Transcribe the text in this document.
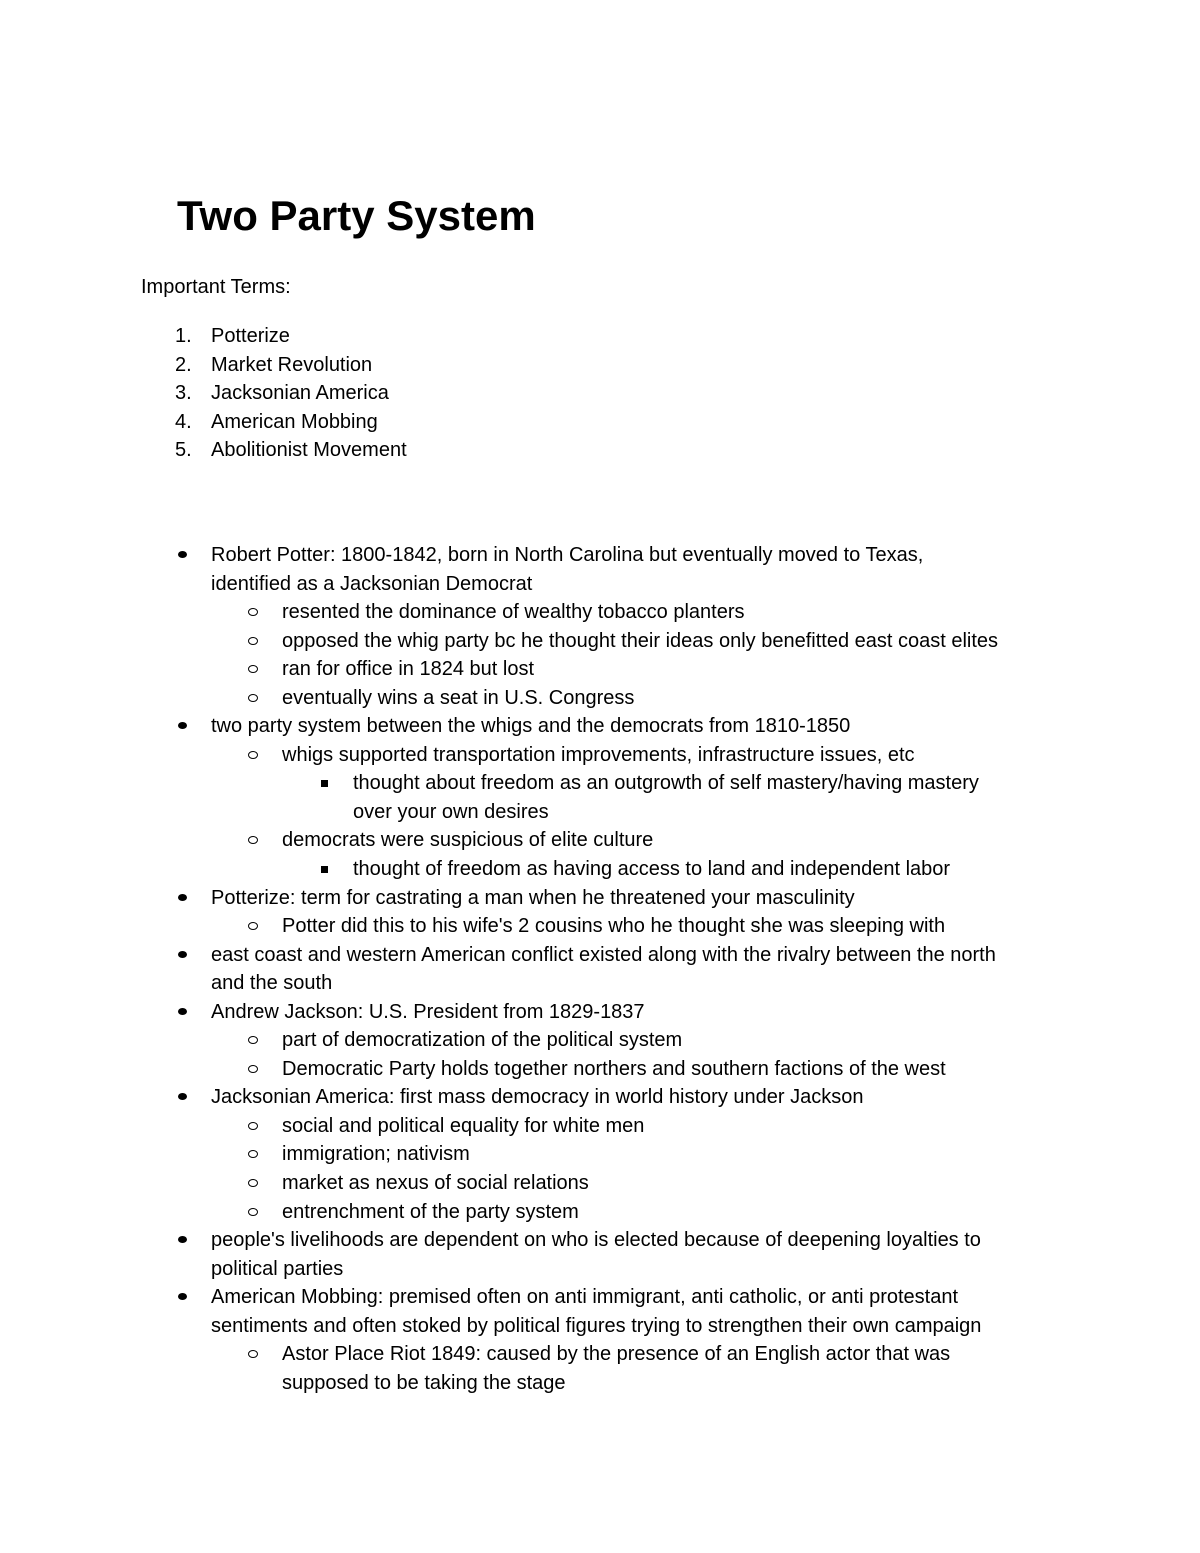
Two Party System

Important Terms:

1. Potterize
2. Market Revolution
3. Jacksonian America
4. American Mobbing
5. Abolitionist Movement
Robert Potter: 1800-1842, born in North Carolina but eventually moved to Texas,
identified as a Jacksonian Democrat
resented the dominance of wealthy tobacco planters
opposed the whig party bc he thought their ideas only benefitted east coast elites
ran for office in 1824 but lost
eventually wins a seat in U.S. Congress
two party system between the whigs and the democrats from 1810-1850
whigs supported transportation improvements, infrastructure issues, etc
thought about freedom as an outgrowth of self mastery/having mastery
over your own desires
democrats were suspicious of elite culture
thought of freedom as having access to land and independent labor
Potterize: term for castrating a man when he threatened your masculinity
Potter did this to his wife's 2 cousins who he thought she was sleeping with
east coast and western American conflict existed along with the rivalry between the north
and the south
Andrew Jackson: U.S. President from 1829-1837
part of democratization of the political system
Democratic Party holds together northers and southern factions of the west
Jacksonian America: first mass democracy in world history under Jackson
social and political equality for white men
immigration; nativism
market as nexus of social relations
entrenchment of the party system
people's livelihoods are dependent on who is elected because of deepening loyalties to
political parties
American Mobbing: premised often on anti immigrant, anti catholic, or anti protestant
sentiments and often stoked by political figures trying to strengthen their own campaign
Astor Place Riot 1849: caused by the presence of an English actor that was
supposed to be taking the stage
